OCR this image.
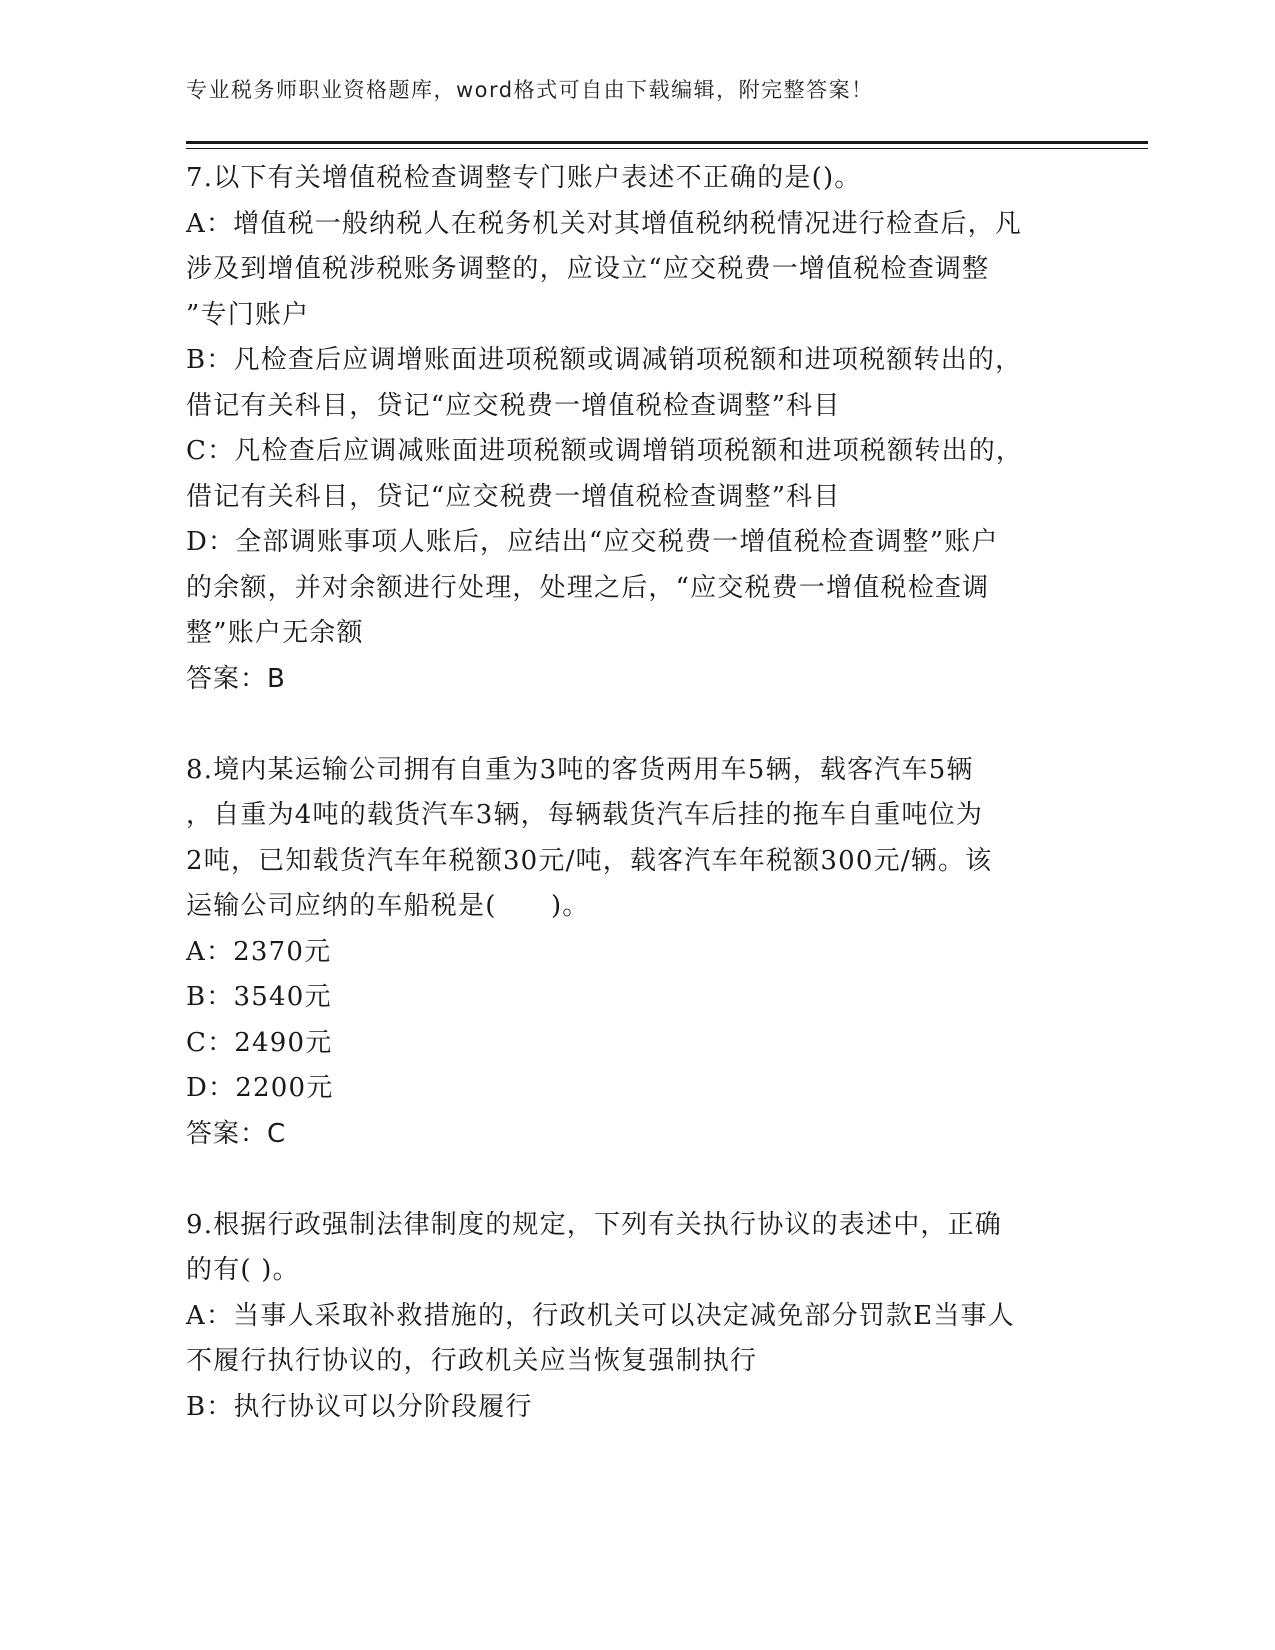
专业税务师职业资格题库，word格式可自由下载编辑，附完整答案！
7.以下有关增值税检查调整专门账户表述不正确的是()。
A：增值税一般纳税人在税务机关对其增值税纳税情况进行检查后，凡
涉及到增值税涉税账务调整的，应设立“应交税费一增值税检查调整
”专门账户
B：凡检查后应调增账面进项税额或调减销项税额和进项税额转出的，
借记有关科目，贷记“应交税费一增值税检查调整”科目
C：凡检查后应调减账面进项税额或调增销项税额和进项税额转出的，
借记有关科目，贷记“应交税费一增值税检查调整”科目
D：全部调账事项人账后，应结出“应交税费一增值税检查调整”账户
的余额，并对余额进行处理，处理之后，“应交税费一增值税检查调
整”账户无余额
答案：B
8.境内某运输公司拥有自重为3吨的客货两用车5辆，载客汽车5辆
，自重为4吨的载货汽车3辆，每辆载货汽车后挂的拖车自重吨位为
2吨，已知载货汽车年税额30元/吨，载客汽车年税额300元/辆。该
运输公司应纳的车船税是(　　)。
A：2370元
B：3540元
C：2490元
D：2200元
答案：C
9.根据行政强制法律制度的规定，下列有关执行协议的表述中，正确
的有( )。
A：当事人采取补救措施的，行政机关可以决定减免部分罚款E当事人
不履行执行协议的，行政机关应当恢复强制执行
B：执行协议可以分阶段履行
